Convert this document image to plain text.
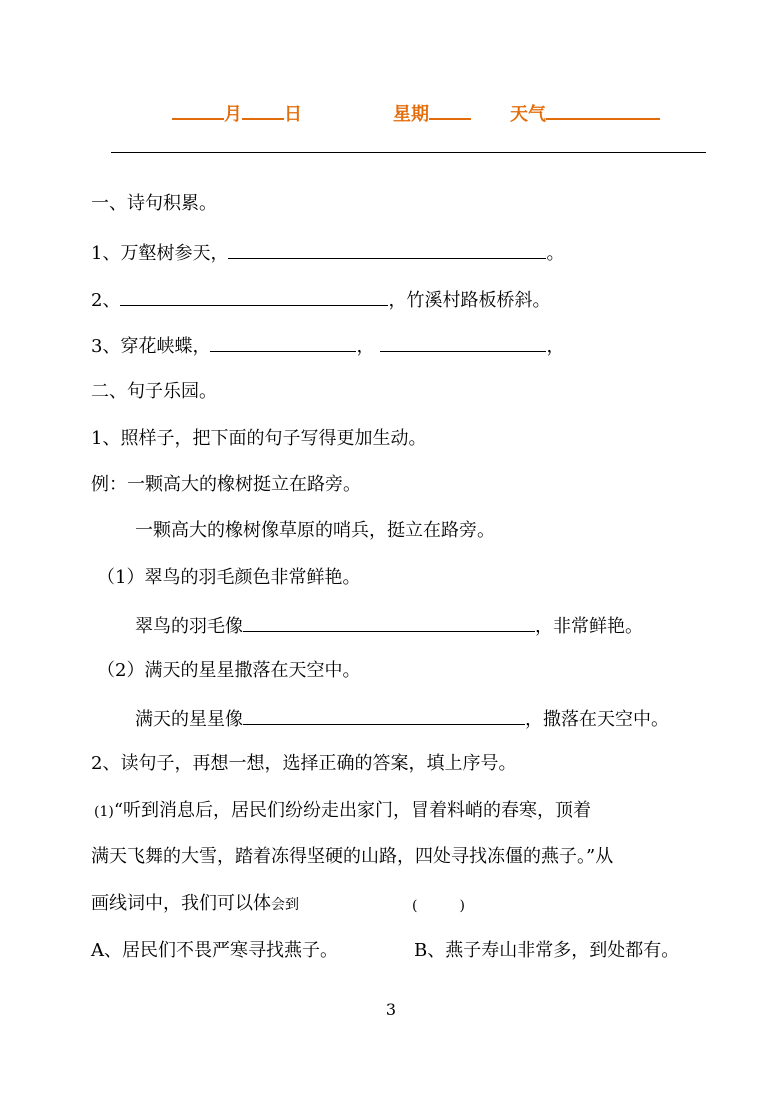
月 日	星期	天气
一、诗句积累。
1、万壑树参天，	。
2、	，竹溪村路板桥斜。
3、穿花峡蝶，	，	，
二、句子乐园。
1、照样子，把下面的句子写得更加生动。
例：一颗高大的橡树挺立在路旁。
一颗高大的橡树像草原的哨兵，挺立在路旁。
（1）翠鸟的羽毛颜色非常鲜艳。
翠鸟的羽毛像	，非常鲜艳。
（2）满天的星星撒落在天空中。
满天的星星像	，撒落在天空中。
2、读句子，再想一想，选择正确的答案，填上序号。
(1)“听到消息后，居民们纷纷走出家门，冒着料峭的春寒，顶着
满天飞舞的大雪，踏着冻得坚硬的山路，四处寻找冻僵的燕子。”从
画线词中，我们可以体会到	(　　　)
A、居民们不畏严寒寻找燕子。	B、燕子寿山非常多，到处都有。
3
